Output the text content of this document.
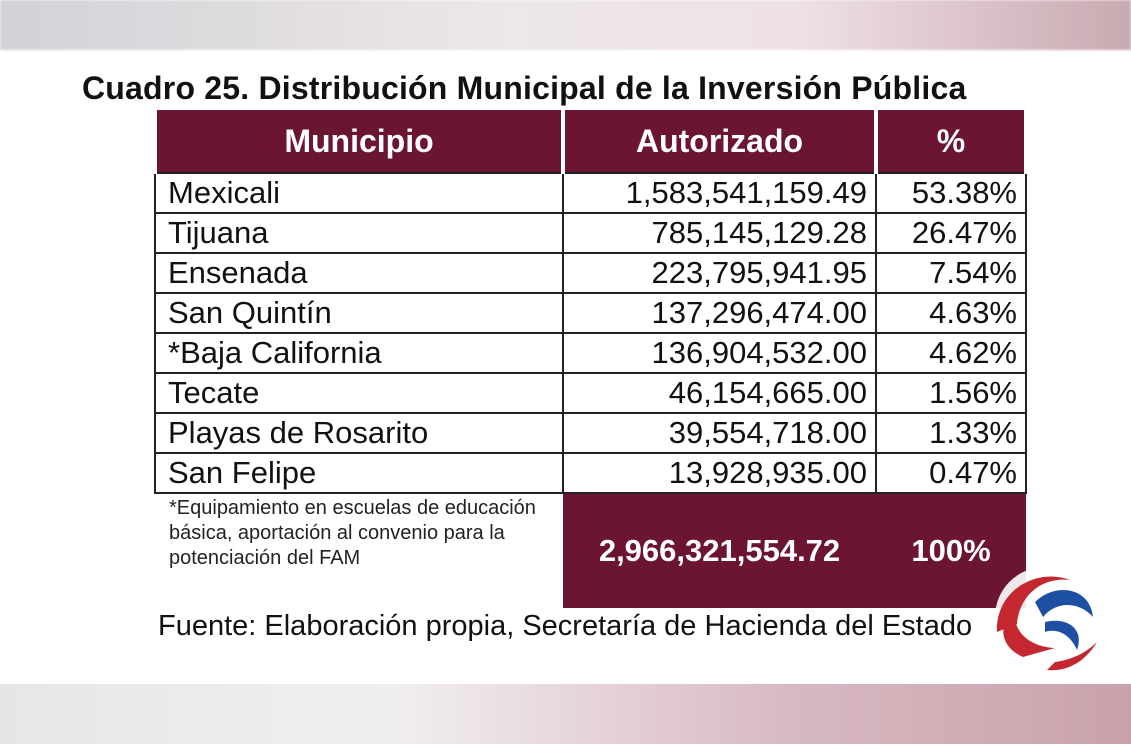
Cuadro 25. Distribución Municipal de la Inversión Pública
Municipio	Autorizado	%
Mexicali	1,583,541,159.49	53.38%
Tijuana	785,145,129.28	26.47%
Ensenada	223,795,941.95	7.54%
San Quintín	137,296,474.00	4.63%
*Baja California	136,904,532.00	4.62%
Tecate	46,154,665.00	1.56%
Playas de Rosarito	39,554,718.00	1.33%
San Felipe	13,928,935.00	0.47%
*Equipamiento en escuelas de educación básica, aportación al convenio para la potenciación del FAM	2,966,321,554.72	100%
Fuente: Elaboración propia, Secretaría de Hacienda del Estado
